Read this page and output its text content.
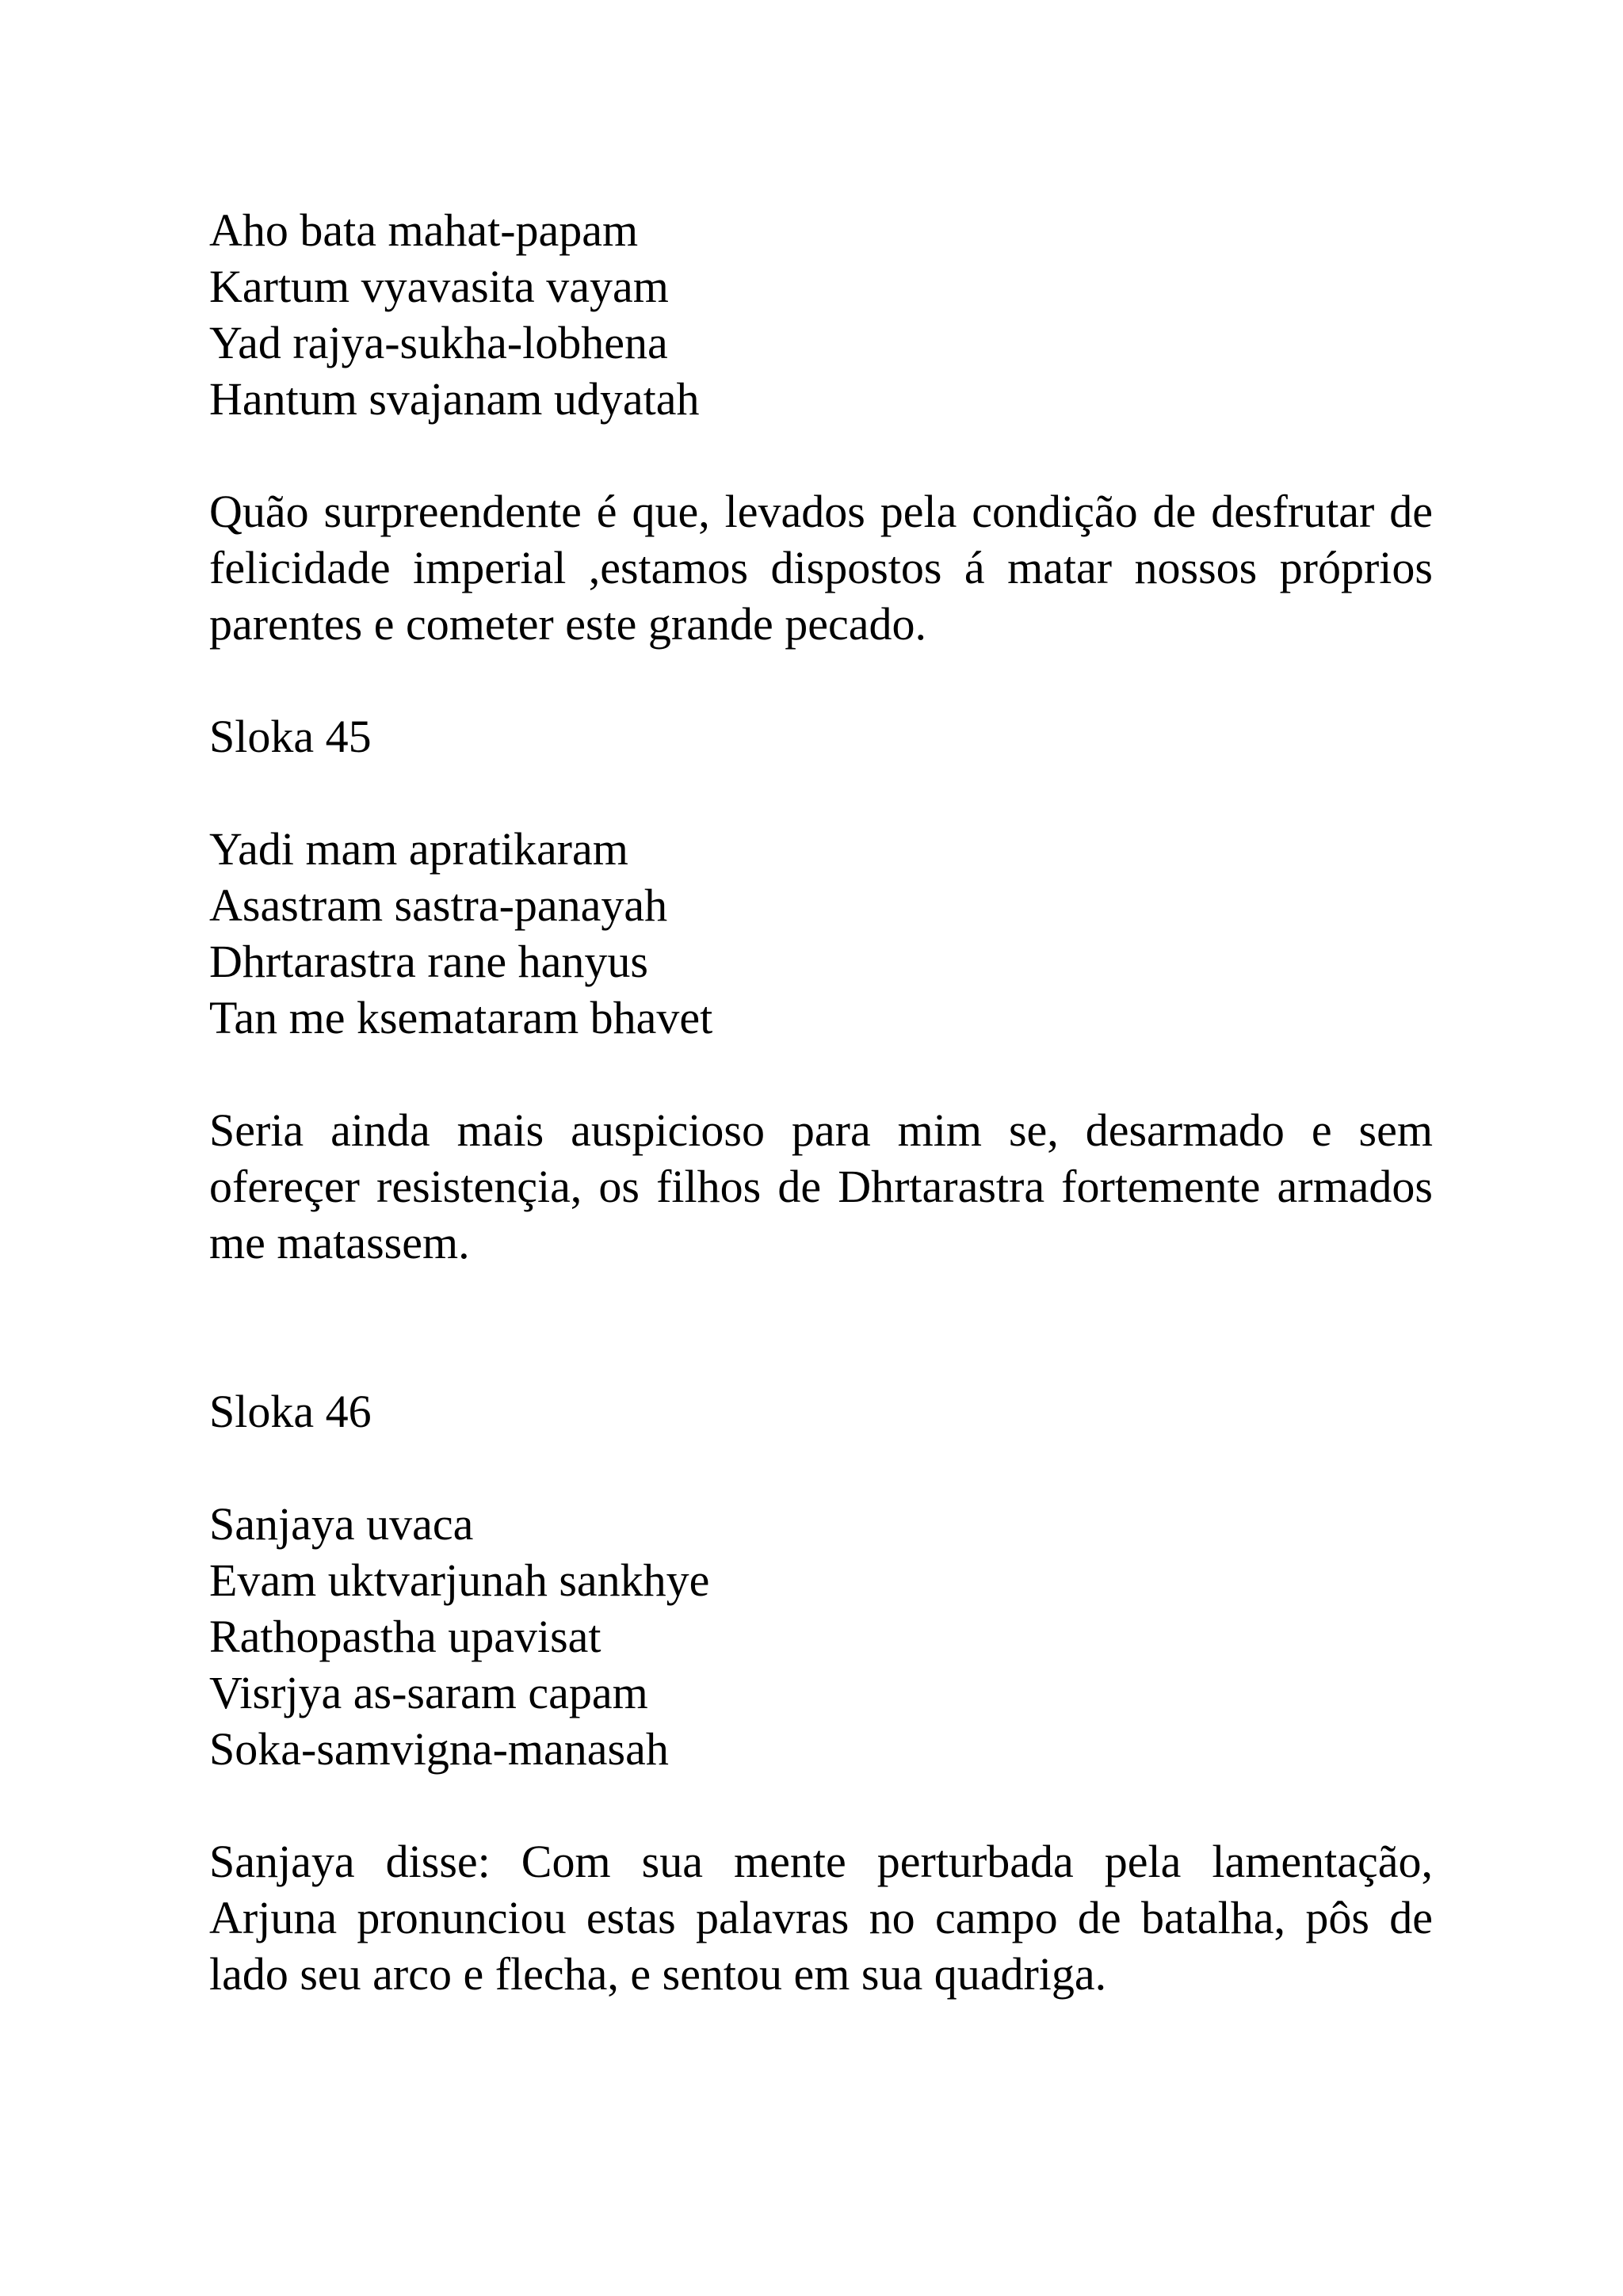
Aho bata mahat-papam
Kartum vyavasita vayam
Yad rajya-sukha-lobhena
Hantum svajanam udyatah

Quão surpreendente é que, levados pela condição de desfrutar de felicidade imperial ,estamos dispostos á matar nossos próprios parentes e cometer este grande pecado.

Sloka 45

Yadi mam apratikaram
Asastram sastra-panayah
Dhrtarastra rane hanyus
Tan me ksemataram bhavet

Seria ainda mais auspicioso para mim se, desarmado e sem ofereçer resistençia, os filhos de Dhrtarastra fortemente armados me matassem.

Sloka 46

Sanjaya uvaca
Evam uktvarjunah sankhye
Rathopastha upavisat
Visrjya as-saram capam
Soka-samvigna-manasah

Sanjaya disse: Com sua mente perturbada pela lamentação, Arjuna pronunciou estas palavras no campo de batalha, pôs de lado seu arco e flecha, e sentou em sua quadriga.
